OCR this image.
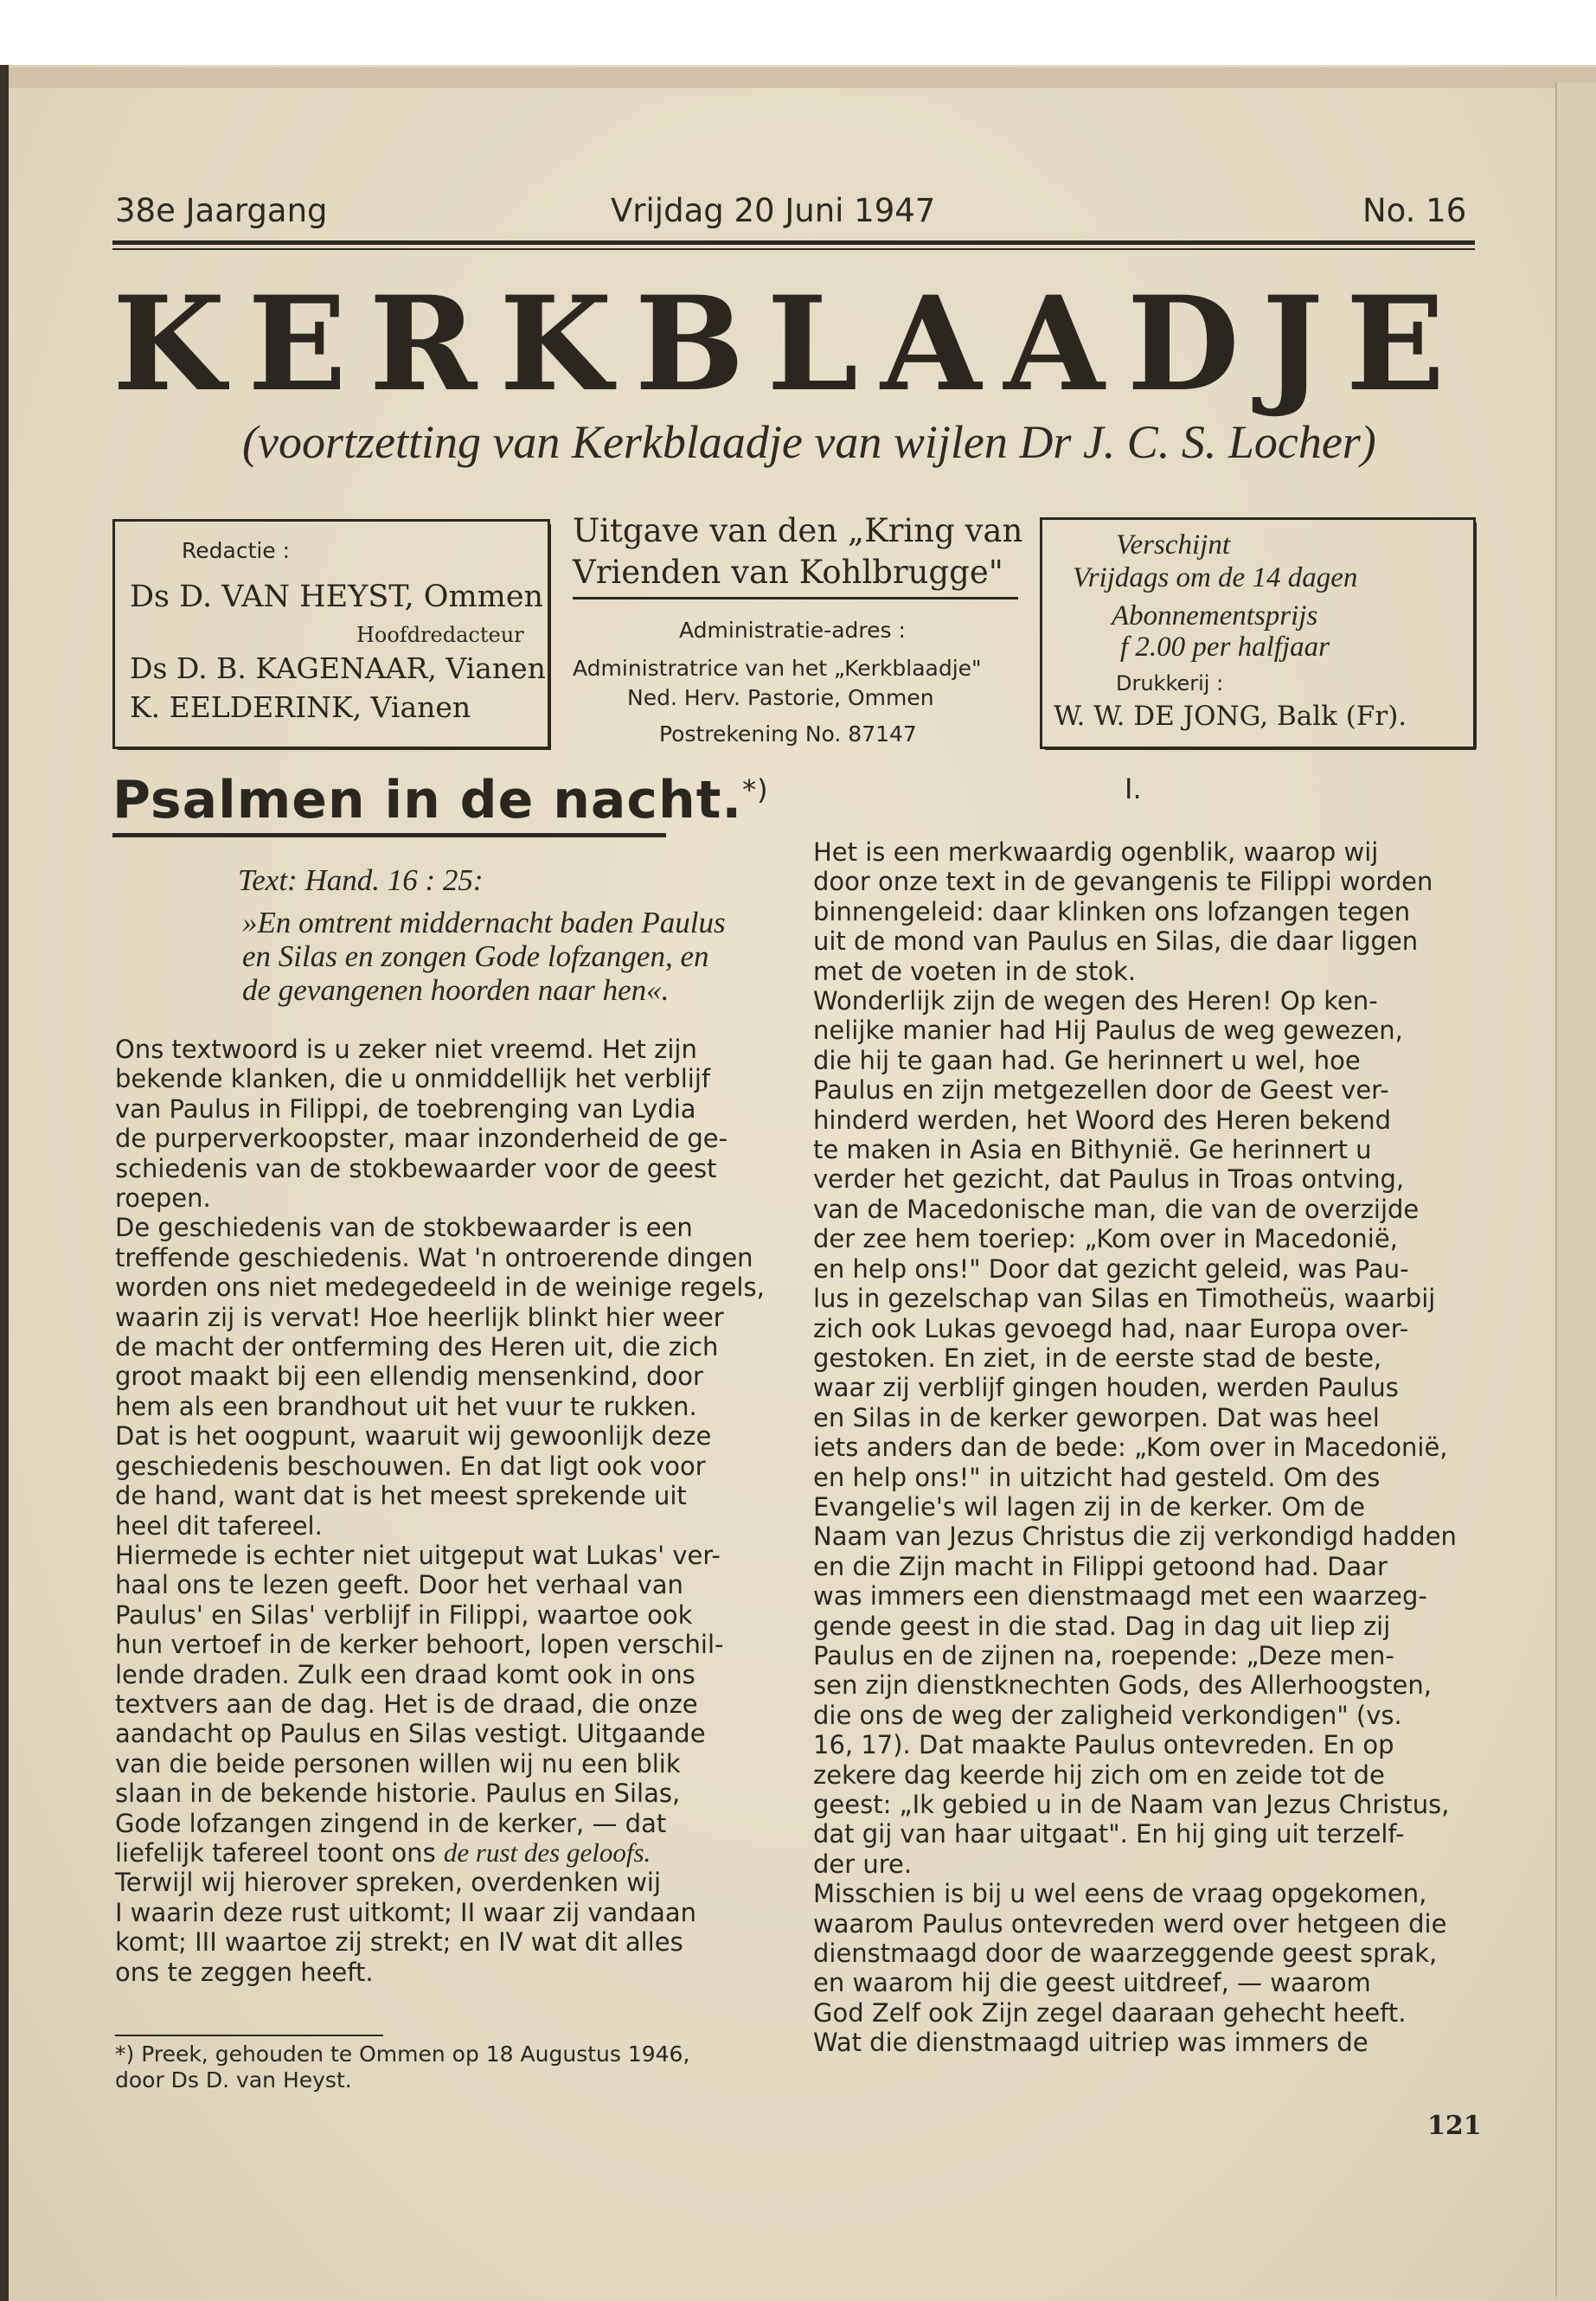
38e Jaargang	Vrijdag 20 Juni 1947	No. 16
KERKBLAADJE
(voortzetting van Kerkblaadje van wijlen Dr J. C. S. Locher)
Redactie :
Ds D. VAN HEYST, Ommen
Hoofdredacteur
Ds D. B. KAGENAAR, Vianen
K. EELDERINK, Vianen
Uitgave van den „Kring van
Vrienden van Kohlbrugge"
Administratie-adres :
Administratrice van het „Kerkblaadje"
Ned. Herv. Pastorie, Ommen
Postrekening No. 87147
Verschijnt
Vrijdags om de 14 dagen
Abonnementsprijs
f 2.00 per halfjaar
Drukkerij :
W. W. DE JONG, Balk (Fr).
Psalmen in de nacht.*)	I.
Text: Hand. 16 : 25:
»En omtrent middernacht baden Paulus
en Silas en zongen Gode lofzangen, en
de gevangenen hoorden naar hen«.

Ons textwoord is u zeker niet vreemd. Het zijn

bekende klanken, die u onmiddellijk het verblijf

van Paulus in Filippi, de toebrenging van Lydia

de purperverkoopster, maar inzonderheid de ge-

schiedenis van de stokbewaarder voor de geest

roepen.

De geschiedenis van de stokbewaarder is een

treffende geschiedenis. Wat 'n ontroerende dingen

worden ons niet medegedeeld in de weinige regels,

waarin zij is vervat! Hoe heerlijk blinkt hier weer

de macht der ontferming des Heren uit, die zich

groot maakt bij een ellendig mensenkind, door

hem als een brandhout uit het vuur te rukken.

Dat is het oogpunt, waaruit wij gewoonlijk deze

geschiedenis beschouwen. En dat ligt ook voor

de hand, want dat is het meest sprekende uit

heel dit tafereel.

Hiermede is echter niet uitgeput wat Lukas' ver-

haal ons te lezen geeft. Door het verhaal van

Paulus' en Silas' verblijf in Filippi, waartoe ook

hun vertoef in de kerker behoort, lopen verschil-

lende draden. Zulk een draad komt ook in ons

textvers aan de dag. Het is de draad, die onze

aandacht op Paulus en Silas vestigt. Uitgaande

van die beide personen willen wij nu een blik

slaan in de bekende historie. Paulus en Silas,

Gode lofzangen zingend in de kerker, — dat

liefelijk tafereel toont ons de rust des geloofs.

Terwijl wij hierover spreken, overdenken wij

I waarin deze rust uitkomt; II waar zij vandaan

komt; III waartoe zij strekt; en IV wat dit alles

ons te zeggen heeft.

*) Preek, gehouden te Ommen op 18 Augustus 1946,
door Ds D. van Heyst.

Het is een merkwaardig ogenblik, waarop wij

door onze text in de gevangenis te Filippi worden

binnengeleid: daar klinken ons lofzangen tegen

uit de mond van Paulus en Silas, die daar liggen

met de voeten in de stok.

Wonderlijk zijn de wegen des Heren! Op ken-

nelijke manier had Hij Paulus de weg gewezen,

die hij te gaan had. Ge herinnert u wel, hoe

Paulus en zijn metgezellen door de Geest ver-

hinderd werden, het Woord des Heren bekend

te maken in Asia en Bithynië. Ge herinnert u

verder het gezicht, dat Paulus in Troas ontving,

van de Macedonische man, die van de overzijde

der zee hem toeriep: „Kom over in Macedonië,

en help ons!" Door dat gezicht geleid, was Pau-

lus in gezelschap van Silas en Timotheüs, waarbij

zich ook Lukas gevoegd had, naar Europa over-

gestoken. En ziet, in de eerste stad de beste,

waar zij verblijf gingen houden, werden Paulus

en Silas in de kerker geworpen. Dat was heel

iets anders dan de bede: „Kom over in Macedonië,

en help ons!" in uitzicht had gesteld. Om des

Evangelie's wil lagen zij in de kerker. Om de

Naam van Jezus Christus die zij verkondigd hadden

en die Zijn macht in Filippi getoond had. Daar

was immers een dienstmaagd met een waarzeg-

gende geest in die stad. Dag in dag uit liep zij

Paulus en de zijnen na, roepende: „Deze men-

sen zijn dienstknechten Gods, des Allerhoogsten,

die ons de weg der zaligheid verkondigen" (vs.

16, 17). Dat maakte Paulus ontevreden. En op

zekere dag keerde hij zich om en zeide tot de

geest: „Ik gebied u in de Naam van Jezus Christus,

dat gij van haar uitgaat". En hij ging uit terzelf-

der ure.

Misschien is bij u wel eens de vraag opgekomen,

waarom Paulus ontevreden werd over hetgeen die

dienstmaagd door de waarzeggende geest sprak,

en waarom hij die geest uitdreef, — waarom

God Zelf ook Zijn zegel daaraan gehecht heeft.

Wat die dienstmaagd uitriep was immers de

121
